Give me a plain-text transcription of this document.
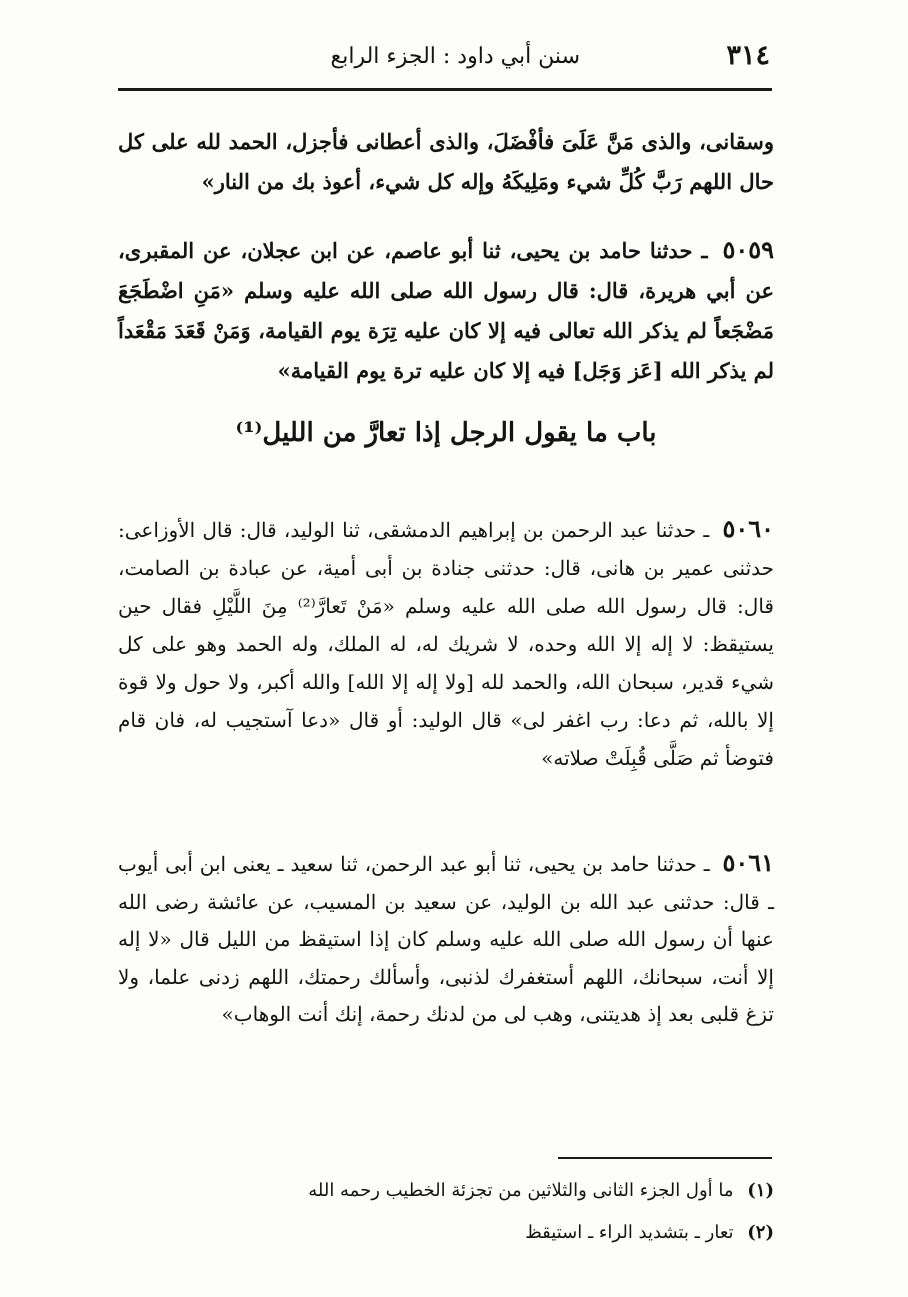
٣١٤
سنن أبي داود : الجزء الرابع
وسقانى، والذى مَنَّ عَلَىَ فأفْضَلَ، والذى أعطانى فأجزل، الحمد لله على كل حال اللهم رَبَّ كُلِّ شيء ومَلِيكَهُ وإله كل شيء، أعوذ بك من النار»
٥٠٥٩ ـ حدثنا حامد بن يحيى، ثنا أبو عاصم، عن ابن عجلان، عن المقبرى، عن أبي هريرة، قال: قال رسول الله صلى الله عليه وسلم «مَنِ اضْطَجَعَ مَضْجَعاً لم يذكر الله تعالى فيه إلا كان عليه تِرَة يوم القيامة، وَمَنْ قَعَدَ مَقْعَداً لم يذكر الله [عَز وَجَل] فيه إلا كان عليه ترة يوم القيامة»
باب ما يقول الرجل إذا تعارَّ من الليل⁽¹⁾
٥٠٦٠ ـ حدثنا عبد الرحمن بن إبراهيم الدمشقى، ثنا الوليد، قال: قال الأوزاعى: حدثنى عمير بن هانى، قال: حدثنى جنادة بن أبى أمية، عن عبادة بن الصامت، قال: قال رسول الله صلى الله عليه وسلم «مَنْ تَعارَّ⁽²⁾ مِنَ اللَّيْلِ فقال حين يستيقظ: لا إله إلا الله وحده، لا شريك له، له الملك، وله الحمد وهو على كل شيء قدير، سبحان الله، والحمد لله [ولا إله إلا الله] والله أكبر، ولا حول ولا قوة إلا بالله، ثم دعا: رب اغفر لى» قال الوليد: أو قال «دعا آستجيب له، فان قام فتوضأ ثم صَلَّى قُبِلَتْ صلاته»
٥٠٦١ ـ حدثنا حامد بن يحيى، ثنا أبو عبد الرحمن، ثنا سعيد ـ يعنى ابن أبى أيوب ـ قال: حدثنى عبد الله بن الوليد، عن سعيد بن المسيب، عن عائشة رضى الله عنها أن رسول الله صلى الله عليه وسلم كان إذا استيقظ من الليل قال «لا إله إلا أنت، سبحانك، اللهم أستغفرك لذنبى، وأسألك رحمتك، اللهم زدنى علما، ولا تزغ قلبى بعد إذ هديتنى، وهب لى من لدنك رحمة، إنك أنت الوهاب»
(١) ما أول الجزء الثانى والثلاثين من تجزئة الخطيب رحمه الله
(٢) تعار ـ بتشديد الراء ـ استيقظ
